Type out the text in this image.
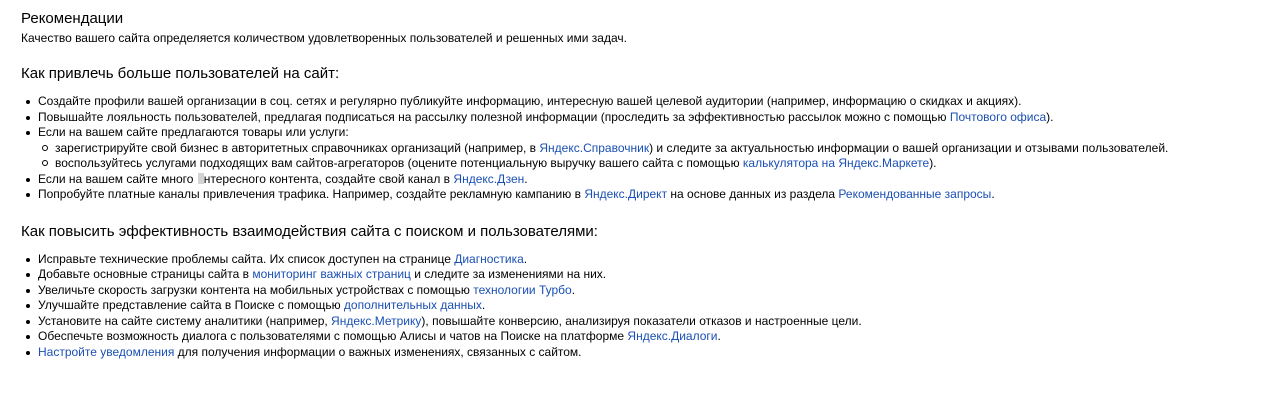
Рекомендации

Качество вашего сайта определяется количеством удовлетворенных пользователей и решенных ими задач.

Как привлечь больше пользователей на сайт:
Создайте профили вашей организации в соц. сетях и регулярно публикуйте информацию, интересную вашей целевой аудитории (например, информацию о скидках и акциях).
Повышайте лояльность пользователей, предлагая подписаться на рассылку полезной информации (проследить за эффективностью рассылок можно с помощью Почтового офиса).
Если на вашем сайте предлагаются товары или услуги:
зарегистрируйте свой бизнес в авторитетных справочниках организаций (например, в Яндекс.Справочник) и следите за актуальностью информации о вашей организации и отзывами пользователей.
воспользуйтесь услугами подходящих вам сайтов-агрегаторов (оцените потенциальную выручку вашего сайта с помощью калькулятора на Яндекс.Маркете).
Если на вашем сайте много нтересного контента, создайте свой канал в Яндекс.Дзен.
Попробуйте платные каналы привлечения трафика. Например, создайте рекламную кампанию в Яндекс.Директ на основе данных из раздела Рекомендованные запросы.
Как повысить эффективность взаимодействия сайта с поиском и пользователями:
Исправьте технические проблемы сайта. Их список доступен на странице Диагностика.
Добавьте основные страницы сайта в мониторинг важных страниц и следите за изменениями на них.
Увеличьте скорость загрузки контента на мобильных устройствах с помощью технологии Турбо.
Улучшайте представление сайта в Поиске с помощью дополнительных данных.
Установите на сайте систему аналитики (например, Яндекс.Метрику), повышайте конверсию, анализируя показатели отказов и настроенные цели.
Обеспечьте возможность диалога с пользователями с помощью Алисы и чатов на Поиске на платформе Яндекс.Диалоги.
Настройте уведомления для получения информации о важных изменениях, связанных с сайтом.
